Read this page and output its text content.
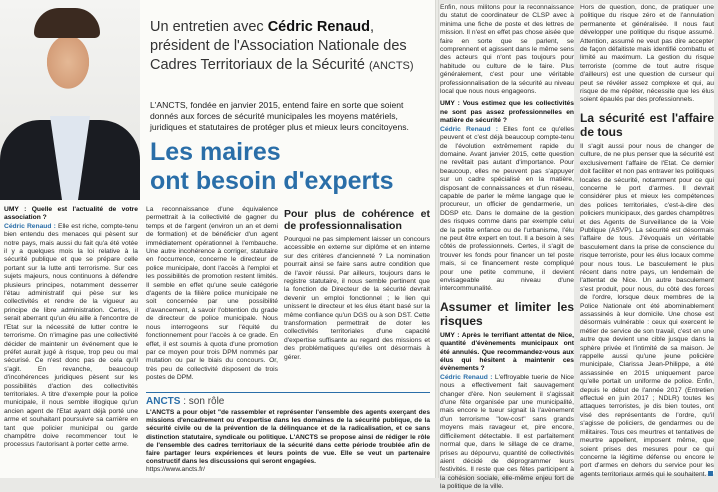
Un entretien avec Cédric Renaud, président de l'Association Nationale des Cadres Territoriaux de la Sécurité (ANCTS)
L'ANCTS, fondée en janvier 2015, entend faire en sorte que soient donnés aux forces de sécurité municipales les moyens matériels, juridiques et statutaires de protéger plus et mieux leurs concitoyens.
Les maires
ont besoin d'experts

UMY : Quelle est l'actualité de votre association ?

Cédric Renaud : Elle est riche, compte-tenu bien entendu des menaces qui pèsent sur notre pays, mais aussi du fait qu'a été votée il y a quelques mois la loi relative à la sécurité publique et que se prépare celle portant sur la lutte anti terrorisme. Sur ces sujets majeurs, nous continuons à défendre plusieurs principes, notamment desserrer l'étau administratif qui pèse sur les collectivités et rendre de la vigueur au principe de libre administration. Certes, il serait aberrant qu'un élu aille à l'encontre de l'Etat sur la nécessité de lutter contre le terrorisme. On n'imagine pas une collectivité décider de maintenir un événement que le préfet aurait jugé à risque, trop peu ou mal sécurisé. Ce n'est donc pas de cela qu'il s'agit. En revanche, beaucoup d'incohérences juridiques pèsent sur les possibilités d'action des collectivités territoriales. A titre d'exemple pour la police municipale, il nous semble illogique qu'un ancien agent de l'Etat ayant déjà porté une arme et souhaitant poursuivre sa carrière en tant que policier municipal ou garde champêtre doive recommencer tout le processus l'autorisant à porter cette arme.

La reconnaissance d'une équivalence permettrait à la collectivité de gagner du temps et de l'argent (environ un an et demi de formation) et de bénéficier d'un agent immédiatement opérationnel à l'embauche. Une autre incohérence à corriger, statutaire en l'occurrence, concerne le directeur de police municipale, dont l'accès à l'emploi et les possibilités de promotion restent limités. Il semble en effet qu'une seule catégorie d'agents de la filière police municipale ne soit concernée par une possibilité d'avancement, à savoir l'obtention du grade de directeur de police municipale. Nous nous interrogeons sur l'équité du fonctionnement pour l'accès à ce grade. En effet, il est soumis à quota d'une promotion par ce moyen pour trois DPM nommés par mutation ou par le biais du concours. Or, très peu de collectivité disposent de trois postes de DPM.

Pour plus de cohérence et de professionnalisation

Pourquoi ne pas simplement laisser un concours accessible en externe sur diplôme et en interne sur des critères d'ancienneté ? La nomination pourrait ainsi se faire sans autre condition que de l'avoir réussi. Par ailleurs, toujours dans le registre statutaire, il nous semble pertinent que la fonction de Directeur de la sécurité devrait devenir un emploi fonctionnel ; le lien qui unissent le directeur et les élus étant basé sur la même confiance qu'un DGS ou à son DST. Cette transformation permettrait de doter les collectivités territoriales d'une capacité d'expertise suffisante au regard des missions et des problématiques qu'elles ont désormais à gérer.

ANCTS : son rôle
L'ANCTS a pour objet "de rassembler et représenter l'ensemble des agents exerçant des missions d'encadrement ou d'expertise dans les domaines de la sécurité publique, de la sécurité civile ou de la prévention de la délinquance et de la radicalisation, et ce sans distinction statutaire, syndicale ou politique. L'ANCTS se propose ainsi de rédiger le rôle de l'ensemble des cadres territoriaux de la sécurité dans cette période troublée afin de faire partager leurs expériences et leurs points de vue. Elle se veut un partenaire constructif dans les discussions qui seront engagées.
https://www.ancts.fr/

Enfin, nous militons pour la reconnaissance du statut de coordinateur de CLSP avec à minima une fiche de poste et des lettres de mission. Il n'est en effet pas chose aisée que faire en sorte que se parlent, se comprennent et agissent dans le même sens des acteurs qui n'ont pas toujours pour habitude ou culture de le faire. Plus généralement, c'est pour une véritable professionnalisation de la sécurité au niveau local que nous nous engageons.

UMY : Vous estimez que les collectivités ne sont pas assez professionnelles en matière de sécurité ?

Cédric Renaud : Elles font ce qu'elles peuvent et c'est déjà beaucoup compte-tenu de l'évolution extrêmement rapide du domaine. Avant janvier 2015, cette question ne revêtait pas autant d'importance. Pour beaucoup, elles ne peuvent pas s'appuyer sur un cadre spécialisé en la matière, disposant de connaissances et d'un réseau, capable de parler le même langage que le procureur, un officier de gendarmerie, un DDSP etc. Dans le domaine de la gestion des risques comme dans par exemple celui de la petite enfance ou de l'urbanisme, l'élu ne peut être expert en tout. Il a besoin à ses côtés de professionnels. Certes, il s'agit de trouver les fonds pour financer un tel poste mais, si ce financement reste compliqué pour une petite commune, il devient envisageable au niveau d'une intercommunalité.

Assumer et limiter les risques

UMY : Après le terrifiant attentat de Nice, quantité d'évènements municipaux ont été annulés. Que recommandez-vous aux élus qui hésitent à maintenir ces évènements ?

Cédric Renaud : L'effroyable tuerie de Nice nous a effectivement fait sauvagement changer d'ère. Non seulement il s'agissait d'une fête organisée par une municipalité, mais encore le tueur signait là l'avènement d'un terrorisme "low-cost" sans grands moyens mais ravageur et, pire encore, difficilement détectable. Il est parfaitement normal que, dans le sillage de ce drame, prises au dépourvu, quantité de collectivités aient décidé de déprogrammer leurs festivités. Il reste que ces fêtes participent à la cohésion sociale, elle-même enjeu fort de la politique de la ville.

Hors de question, donc, de pratiquer une politique du risque zéro et de l'annulation permanente et généralisée. Il nous faut développer une politique du risque assumé. Attention, assumé ne veut pas dire accepter de façon défaitiste mais identifié combattu et limité au maximum. La gestion du risque terroriste (comme de tout autre risque d'ailleurs) est une question de curseur qui peut se révéler assez complexe et qui, au risque de me répéter, nécessite que les élus soient épaulés par des professionnels.

La sécurité est l'affaire de tous

Il s'agit aussi pour nous de changer de culture, de ne plus penser que la sécurité est exclusivement l'affaire de l'Etat. Ce dernier doit faciliter et non pas entraver les politiques locales de sécurité, notamment pour ce qui concerne le port d'armes. Il devrait considérer plus et mieux les compétences des polices territoriales, c'est-à-dire des policiers municipaux, des gardes champêtres et des Agents de Surveillance de la Voie Publique (ASVP). La sécurité est désormais l'affaire de tous. J'évoquais un véritable basculement dans la prise de conscience du risque terroriste, pour les élus locaux comme pour nous tous. Le basculement le plus récent dans notre pays, un lendemain de l'attentat de Nice. Un autre basculement s'est produit, pour nous, du côté des forces de l'ordre, lorsque deux membres de la Police Nationale ont été abominablement assassinés à leur domicile. Une chose est désormais vulnérable : ceux qui exercent le métier de service de son travail, c'est en une autre que devient une cible jusque dans la sphère privée et l'intimité de sa maison. Je rappelle aussi qu'une jeune policière municipale, Clarissa Jean-Philippe, a été assassinée en 2015 uniquement parce qu'elle portait un uniforme de police. Enfin, depuis le début de l'année 2017 (Entretien effectué en juin 2017 ; NDLR) toutes les attaques terroristes, je dis bien toutes, ont visé des représentants de l'ordre, qu'il s'agisse de policiers, de gendarmes ou de militaires. Tous ces meurtres et tentatives de meurtre appellent, imposent même, que soient prises des mesures pour ce qui concerne la légitime défense ou encore le port d'armes en dehors du service pour les agents territoriaux armés qui le souhaitent.
